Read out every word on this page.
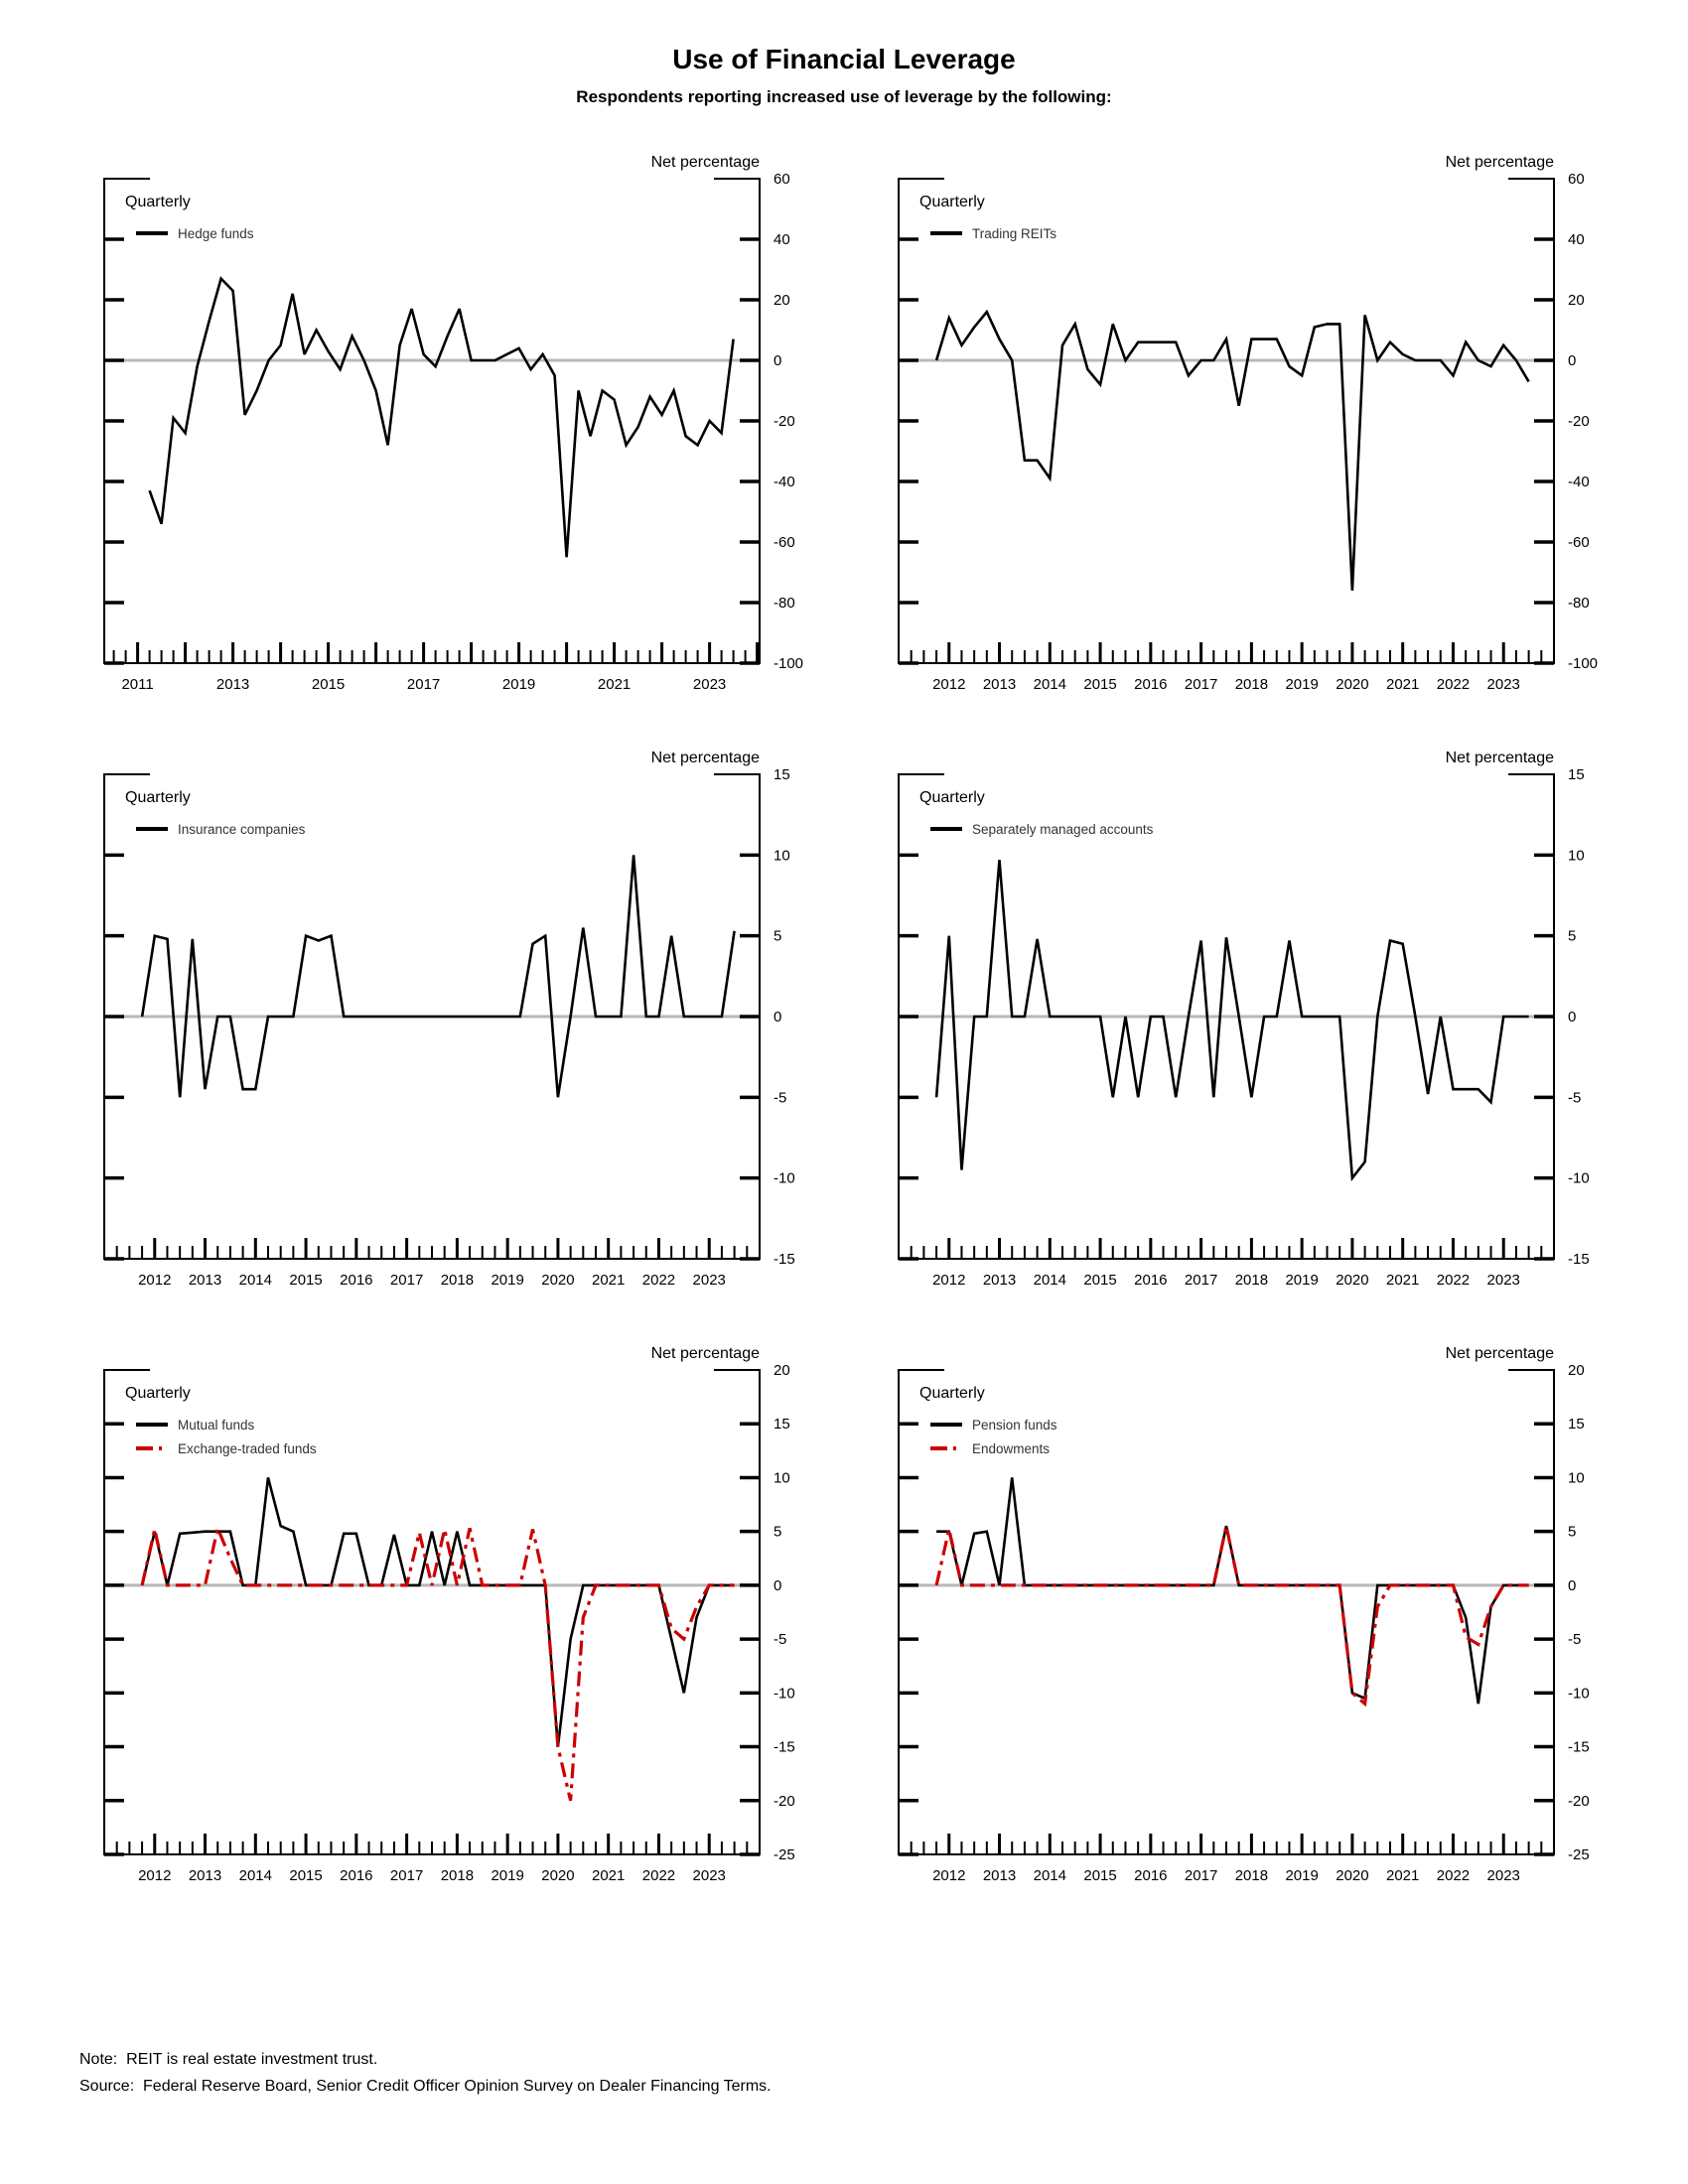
Use of Financial Leverage
Respondents reporting increased use of leverage by the following:
60
40
20
0
-20
-40
-60
-80
-100
2011	2013	2015	2017	2019	2021	2023
Net percentage
Quarterly
Hedge funds
60
40
20
0
-20
-40
-60
-80
-100
2012 2013 2014 2015 2016 2017 2018 2019 2020 2021 2022 2023
Net percentage
Quarterly
Trading REITs
15
10
5
0
-5
-10
-15
2012 2013 2014 2015 2016 2017 2018 2019 2020 2021 2022 2023
Net percentage
Quarterly
Insurance companies
15
10
5
0
-5
-10
-15
2012 2013 2014 2015 2016 2017 2018 2019 2020 2021 2022 2023
Net percentage
Quarterly
Separately managed accounts
20
15
10
5
0
-5
-10
-15
-20
-25
2012 2013 2014 2015 2016 2017 2018 2019 2020 2021 2022 2023
Net percentage
Quarterly
Mutual funds
Exchange-traded funds
20
15
10
5
0
-5
-10
-15
-20
-25
2012 2013 2014 2015 2016 2017 2018 2019 2020 2021 2022 2023
Net percentage
Quarterly
Pension funds
Endowments
Note:  REIT is real estate investment trust.
Source:  Federal Reserve Board, Senior Credit Officer Opinion Survey on Dealer Financing Terms.
